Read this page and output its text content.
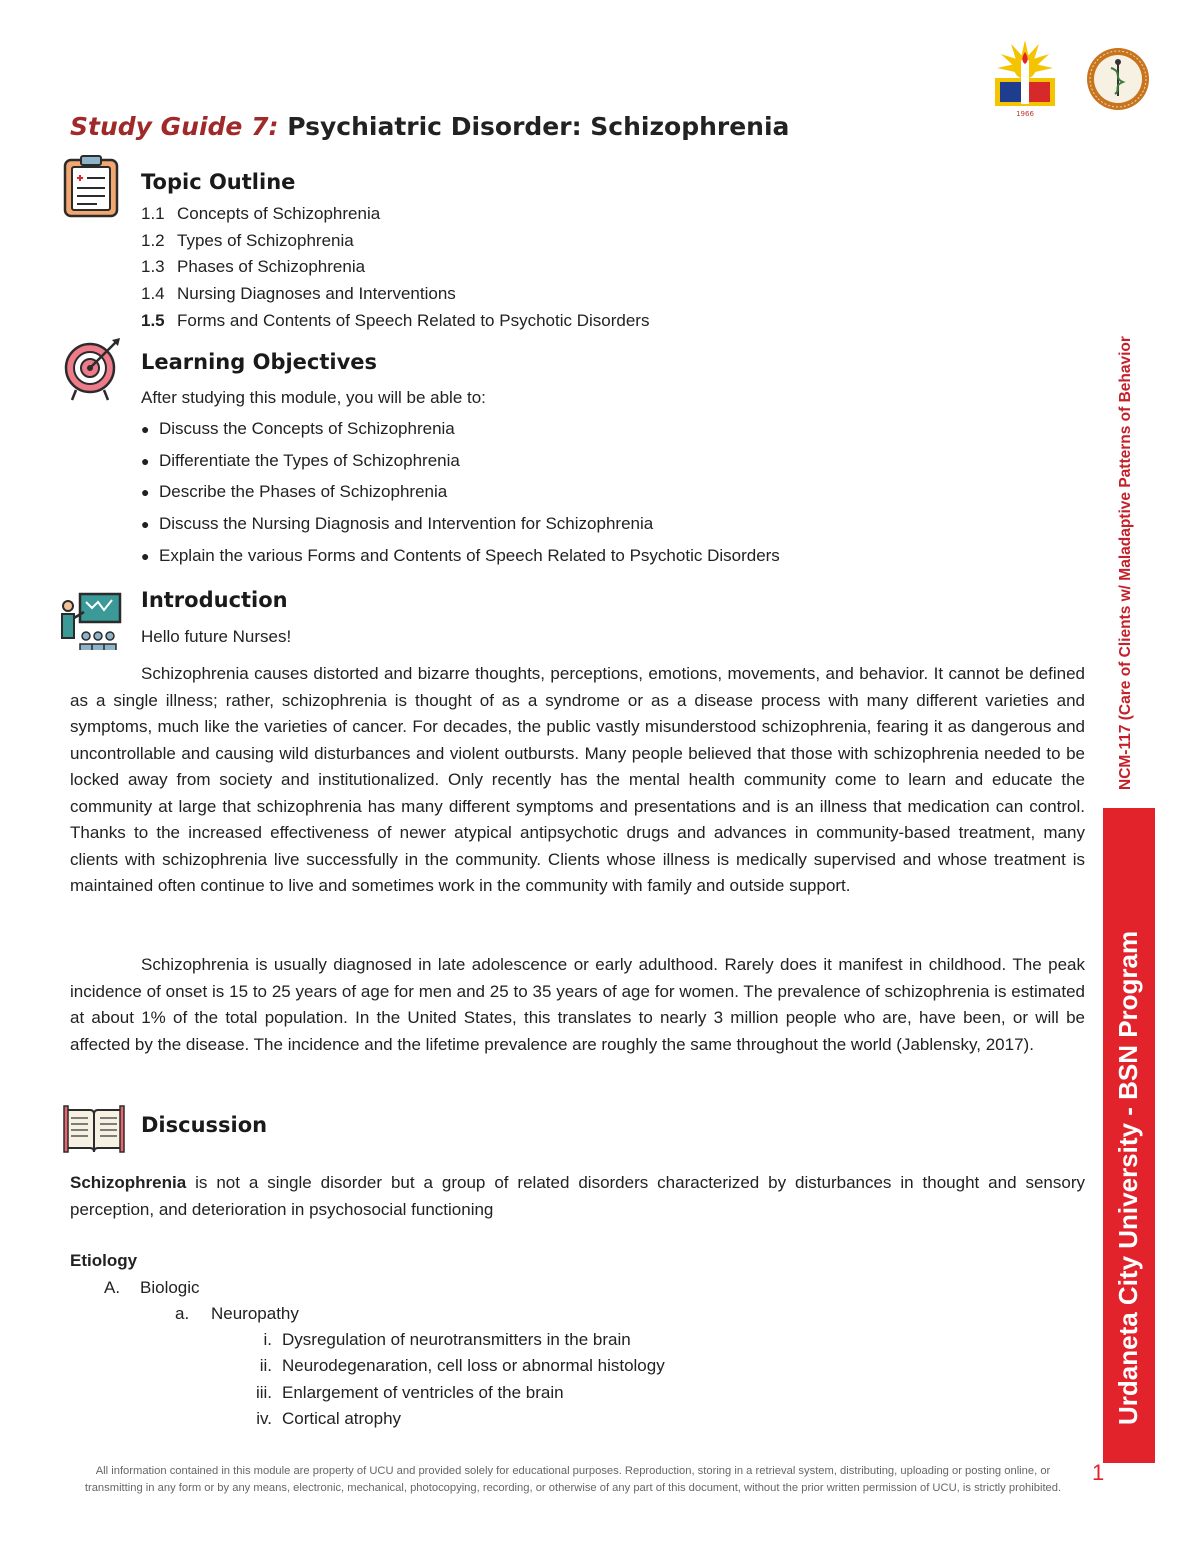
1966
Study Guide 7: Psychiatric Disorder: Schizophrenia
Topic Outline
1.1 Concepts of Schizophrenia
1.2 Types of Schizophrenia
1.3 Phases of Schizophrenia
1.4 Nursing Diagnoses and Interventions
1.5 Forms and Contents of Speech Related to Psychotic Disorders
Learning Objectives
After studying this module, you will be able to:
● Discuss the Concepts of Schizophrenia
● Differentiate the Types of Schizophrenia
● Describe the Phases of Schizophrenia
● Discuss the Nursing Diagnosis and Intervention for Schizophrenia
● Explain the various Forms and Contents of Speech Related to Psychotic Disorders
Introduction
Hello future Nurses!
Schizophrenia causes distorted and bizarre thoughts, perceptions, emotions, movements, and behavior. It cannot be defined as a single illness; rather, schizophrenia is thought of as a syndrome or as a disease process with many different varieties and symptoms, much like the varieties of cancer. For decades, the public vastly misunderstood schizophrenia, fearing it as dangerous and uncontrollable and causing wild disturbances and violent outbursts. Many people believed that those with schizophrenia needed to be locked away from society and institutionalized. Only recently has the mental health community come to learn and educate the community at large that schizophrenia has many different symptoms and presentations and is an illness that medication can control. Thanks to the increased effectiveness of newer atypical antipsychotic drugs and advances in community-based treatment, many clients with schizophrenia live successfully in the community. Clients whose illness is medically supervised and whose treatment is maintained often continue to live and sometimes work in the community with family and outside support.
Schizophrenia is usually diagnosed in late adolescence or early adulthood. Rarely does it manifest in childhood. The peak incidence of onset is 15 to 25 years of age for men and 25 to 35 years of age for women. The prevalence of schizophrenia is estimated at about 1% of the total population. In the United States, this translates to nearly 3 million people who are, have been, or will be affected by the disease. The incidence and the lifetime prevalence are roughly the same throughout the world (Jablensky, 2017).
Discussion
Schizophrenia is not a single disorder but a group of related disorders characterized by disturbances in thought and sensory perception, and deterioration in psychosocial functioning
Etiology
A. Biologic
a. Neuropathy
i. Dysregulation of neurotransmitters in the brain
ii. Neurodegenaration, cell loss or abnormal histology
iii. Enlargement of ventricles of the brain
iv. Cortical atrophy
NCM-117 (Care of Clients w/ Maladaptive Patterns of Behavior
Urdaneta City University - BSN Program
All information contained in this module are property of UCU and provided solely for educational purposes. Reproduction, storing in a retrieval system, distributing, uploading or posting online, or
transmitting in any form or by any means, electronic, mechanical, photocopying, recording, or otherwise of any part of this document, without the prior written permission of UCU, is strictly prohibited.
1
